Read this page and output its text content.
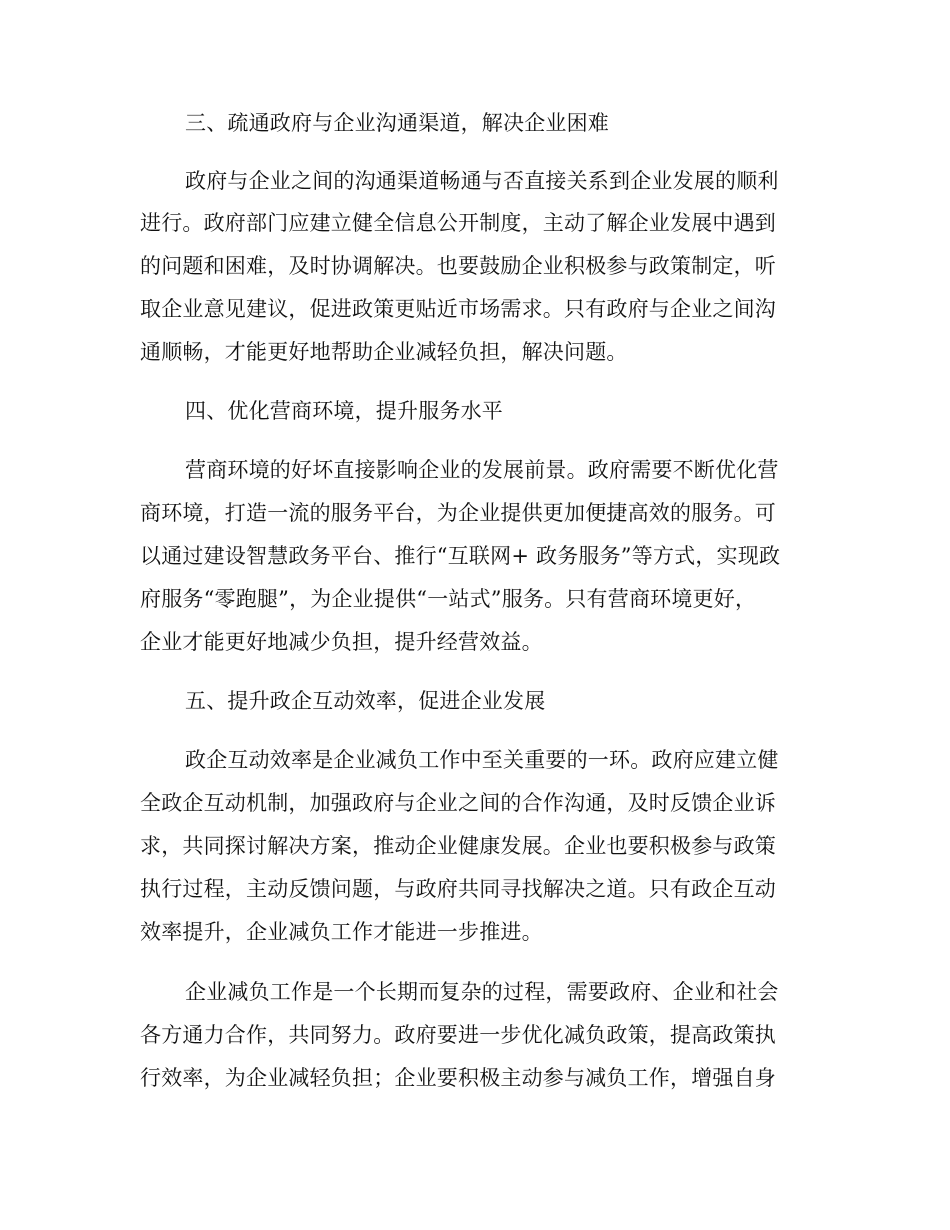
三、疏通政府与企业沟通渠道，解决企业困难
政府与企业之间的沟通渠道畅通与否直接关系到企业发展的顺利
进行。政府部门应建立健全信息公开制度，主动了解企业发展中遇到
的问题和困难，及时协调解决。也要鼓励企业积极参与政策制定，听
取企业意见建议，促进政策更贴近市场需求。只有政府与企业之间沟
通顺畅，才能更好地帮助企业减轻负担，解决问题。
四、优化营商环境，提升服务水平
营商环境的好坏直接影响企业的发展前景。政府需要不断优化营
商环境，打造一流的服务平台，为企业提供更加便捷高效的服务。可
以通过建设智慧政务平台、推行“互联网+ 政务服务”等方式，实现政
府服务“零跑腿”，为企业提供“一站式”服务。只有营商环境更好，
企业才能更好地减少负担，提升经营效益。
五、提升政企互动效率，促进企业发展
政企互动效率是企业减负工作中至关重要的一环。政府应建立健
全政企互动机制，加强政府与企业之间的合作沟通，及时反馈企业诉
求，共同探讨解决方案，推动企业健康发展。企业也要积极参与政策
执行过程，主动反馈问题，与政府共同寻找解决之道。只有政企互动
效率提升，企业减负工作才能进一步推进。
企业减负工作是一个长期而复杂的过程，需要政府、企业和社会
各方通力合作，共同努力。政府要进一步优化减负政策，提高政策执
行效率，为企业减轻负担；企业要积极主动参与减负工作，增强自身
